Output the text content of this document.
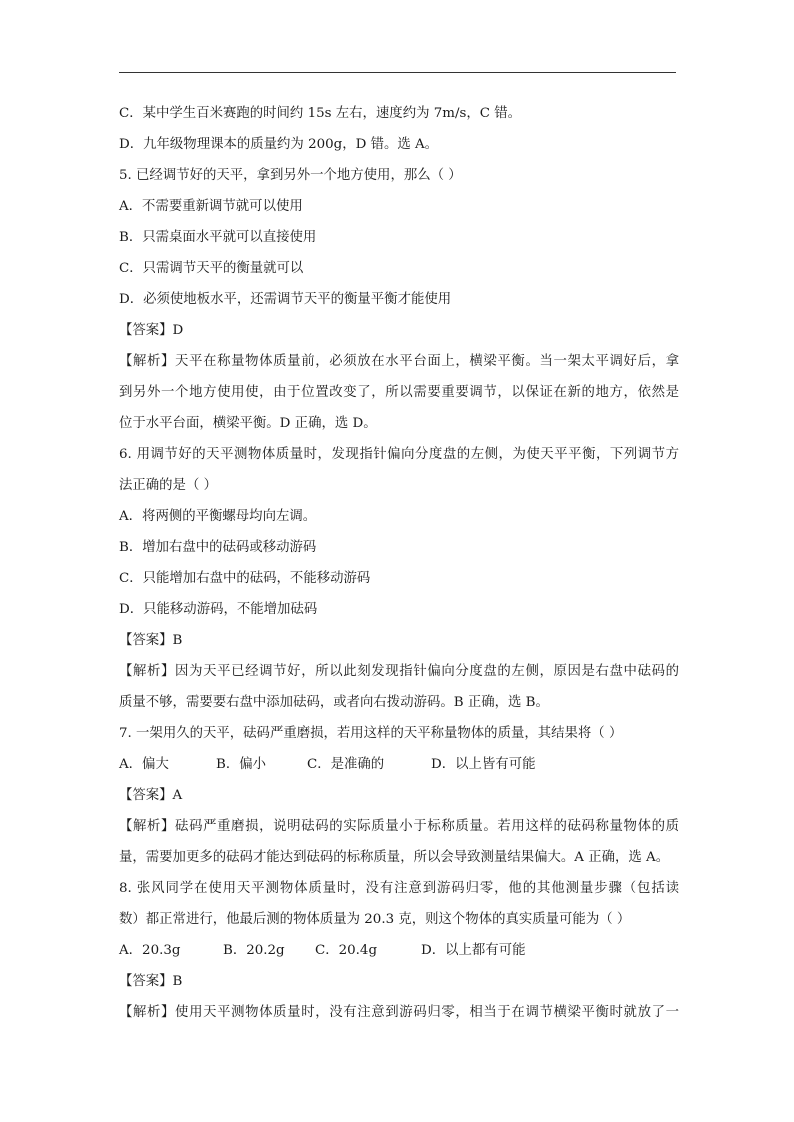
C．某中学生百米赛跑的时间约 15s 左右，速度约为 7m/s，C 错。
D．九年级物理课本的质量约为 200g，D 错。选 A。
5. 已经调节好的天平，拿到另外一个地方使用，那么（ ）
A．不需要重新调节就可以使用
B．只需桌面水平就可以直接使用
C．只需调节天平的衡量就可以
D．必须使地板水平，还需调节天平的衡量平衡才能使用
【答案】D
【解析】天平在称量物体质量前，必须放在水平台面上，横梁平衡。当一架太平调好后，拿
到另外一个地方使用使，由于位置改变了，所以需要重要调节，以保证在新的地方，依然是
位于水平台面，横梁平衡。D 正确，选 D。
6. 用调节好的天平测物体质量时，发现指针偏向分度盘的左侧，为使天平平衡，下列调节方
法正确的是（ ）
A．将两侧的平衡螺母均向左调。
B．增加右盘中的砝码或移动游码
C．只能增加右盘中的砝码，不能移动游码
D．只能移动游码，不能增加砝码
【答案】B
【解析】因为天平已经调节好，所以此刻发现指针偏向分度盘的左侧，原因是右盘中砝码的
质量不够，需要要右盘中添加砝码，或者向右拨动游码。B 正确，选 B。
7. 一架用久的天平，砝码严重磨损，若用这样的天平称量物体的质量，其结果将（ ）
A．偏大	B．偏小	C．是准确的	D．以上皆有可能
【答案】A
【解析】砝码严重磨损，说明砝码的实际质量小于标称质量。若用这样的砝码称量物体的质
量，需要加更多的砝码才能达到砝码的标称质量，所以会导致测量结果偏大。A 正确，选 A。
8. 张风同学在使用天平测物体质量时，没有注意到游码归零，他的其他测量步骤（包括读
数）都正常进行，他最后测的物体质量为 20.3 克，则这个物体的真实质量可能为（ ）
A．20.3g	B．20.2g	C．20.4g	D．以上都有可能
【答案】B
【解析】使用天平测物体质量时，没有注意到游码归零，相当于在调节横梁平衡时就放了一
